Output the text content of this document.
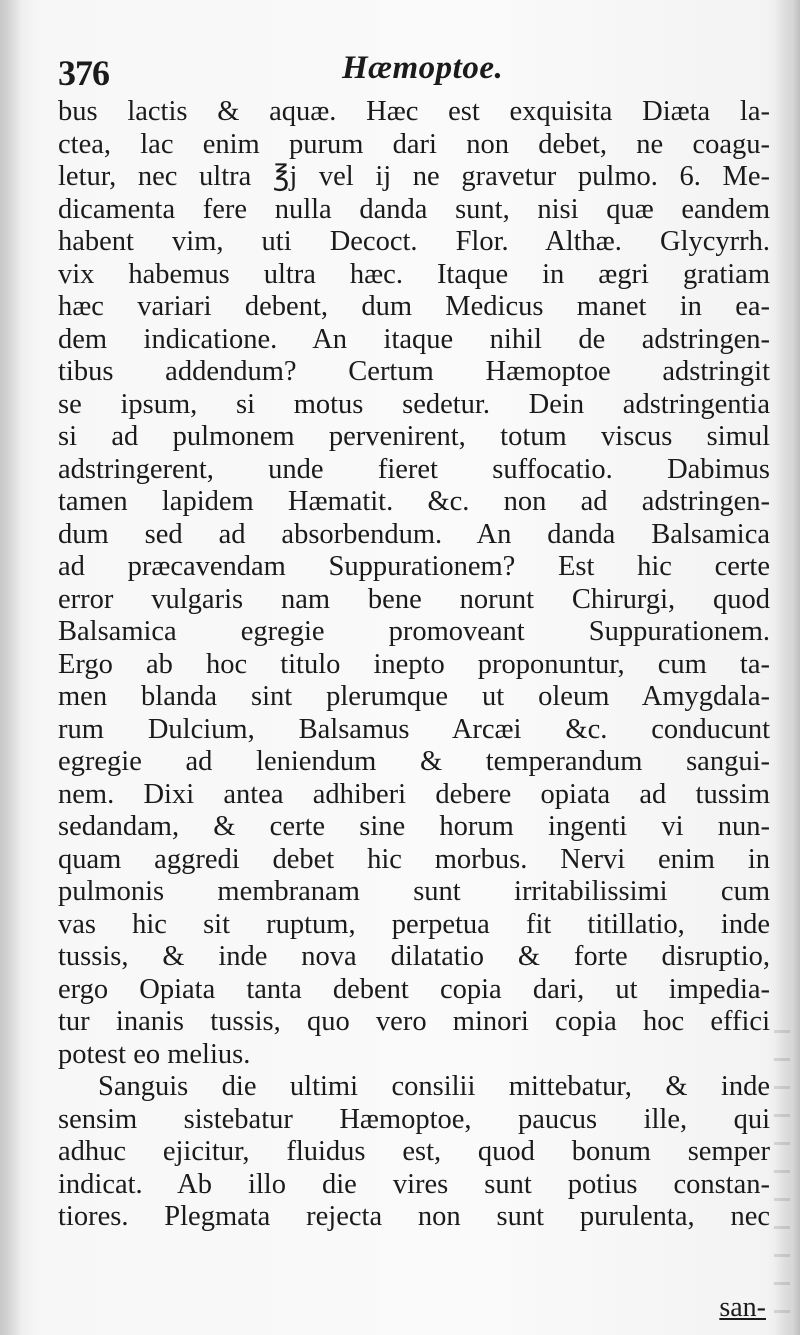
376	Hæmoptoe.
bus lactis & aquæ. Hæc est exquisita Diæta la-
ctea, lac enim purum dari non debet, ne coagu-
letur, nec ultra ℥j vel ij ne gravetur pulmo. 6. Me-
dicamenta fere nulla danda sunt, nisi quæ eandem
habent vim, uti Decoct. Flor. Althæ. Glycyrrh.
vix habemus ultra hæc. Itaque in ægri gratiam
hæc variari debent, dum Medicus manet in ea-
dem indicatione. An itaque nihil de adstringen-
tibus addendum? Certum Hæmoptoe adstringit
se ipsum, si motus sedetur. Dein adstringentia
si ad pulmonem pervenirent, totum viscus simul
adstringerent, unde fieret suffocatio. Dabimus
tamen lapidem Hæmatit. &c. non ad adstringen-
dum sed ad absorbendum. An danda Balsamica
ad præcavendam Suppurationem? Est hic certe
error vulgaris nam bene norunt Chirurgi, quod
Balsamica egregie promoveant Suppurationem.
Ergo ab hoc titulo inepto proponuntur, cum ta-
men blanda sint plerumque ut oleum Amygdala-
rum Dulcium, Balsamus Arcæi &c. conducunt
egregie ad leniendum & temperandum sangui-
nem. Dixi antea adhiberi debere opiata ad tussim
sedandam, & certe sine horum ingenti vi nun-
quam aggredi debet hic morbus. Nervi enim in
pulmonis membranam sunt irritabilissimi cum
vas hic sit ruptum, perpetua fit titillatio, inde
tussis, & inde nova dilatatio & forte disruptio,
ergo Opiata tanta debent copia dari, ut impedia-
tur inanis tussis, quo vero minori copia hoc effici
potest eo melius.
Sanguis die ultimi consilii mittebatur, & inde
sensim sistebatur Hæmoptoe, paucus ille, qui
adhuc ejicitur, fluidus est, quod bonum semper
indicat. Ab illo die vires sunt potius constan-
tiores. Plegmata rejecta non sunt purulenta, nec
san-
